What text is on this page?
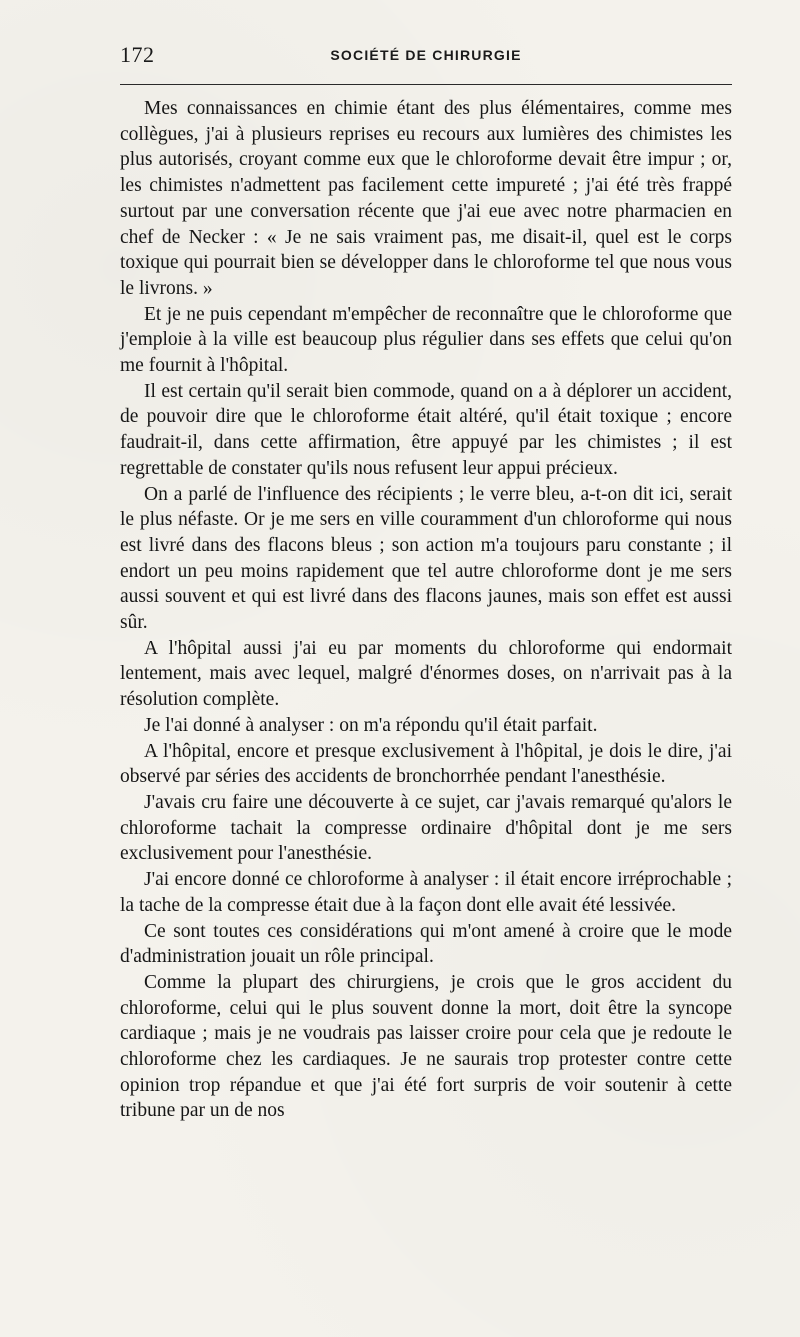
172	SOCIÉTÉ DE CHIRURGIE

Mes connaissances en chimie étant des plus élémentaires, comme mes collègues, j'ai à plusieurs reprises eu recours aux lumières des chimistes les plus autorisés, croyant comme eux que le chloroforme devait être impur ; or, les chimistes n'admettent pas facilement cette impureté ; j'ai été très frappé surtout par une conversation récente que j'ai eue avec notre pharmacien en chef de Necker : « Je ne sais vraiment pas, me disait-il, quel est le corps toxique qui pourrait bien se développer dans le chloroforme tel que nous vous le livrons. »

Et je ne puis cependant m'empêcher de reconnaître que le chloroforme que j'emploie à la ville est beaucoup plus régulier dans ses effets que celui qu'on me fournit à l'hôpital.

Il est certain qu'il serait bien commode, quand on a à déplorer un accident, de pouvoir dire que le chloroforme était altéré, qu'il était toxique ; encore faudrait-il, dans cette affirmation, être appuyé par les chimistes ; il est regrettable de constater qu'ils nous refusent leur appui précieux.

On a parlé de l'influence des récipients ; le verre bleu, a-t-on dit ici, serait le plus néfaste. Or je me sers en ville couramment d'un chloroforme qui nous est livré dans des flacons bleus ; son action m'a toujours paru constante ; il endort un peu moins rapidement que tel autre chloroforme dont je me sers aussi souvent et qui est livré dans des flacons jaunes, mais son effet est aussi sûr.

A l'hôpital aussi j'ai eu par moments du chloroforme qui endormait lentement, mais avec lequel, malgré d'énormes doses, on n'arrivait pas à la résolution complète.

Je l'ai donné à analyser : on m'a répondu qu'il était parfait.

A l'hôpital, encore et presque exclusivement à l'hôpital, je dois le dire, j'ai observé par séries des accidents de bronchorrhée pendant l'anesthésie.

J'avais cru faire une découverte à ce sujet, car j'avais remarqué qu'alors le chloroforme tachait la compresse ordinaire d'hôpital dont je me sers exclusivement pour l'anesthésie.

J'ai encore donné ce chloroforme à analyser : il était encore irréprochable ; la tache de la compresse était due à la façon dont elle avait été lessivée.

Ce sont toutes ces considérations qui m'ont amené à croire que le mode d'administration jouait un rôle principal.

Comme la plupart des chirurgiens, je crois que le gros accident du chloroforme, celui qui le plus souvent donne la mort, doit être la syncope cardiaque ; mais je ne voudrais pas laisser croire pour cela que je redoute le chloroforme chez les cardiaques. Je ne saurais trop protester contre cette opinion trop répandue et que j'ai été fort surpris de voir soutenir à cette tribune par un de nos
